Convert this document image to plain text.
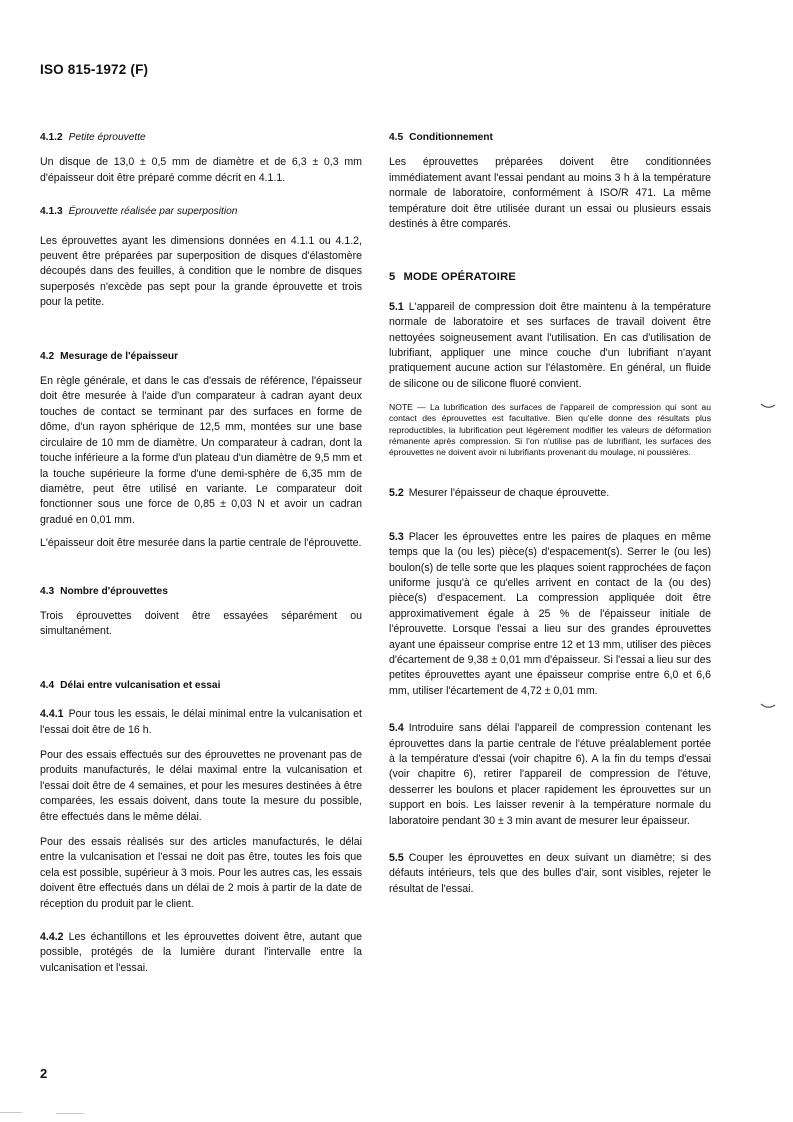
ISO 815-1972 (F)
4.1.2 Petite éprouvette

Un disque de 13,0 ± 0,5 mm de diamètre et de 6,3 ± 0,3 mm d'épaisseur doit être préparé comme décrit en 4.1.1.

4.1.3 Éprouvette réalisée par superposition

Les éprouvettes ayant les dimensions données en 4.1.1 ou 4.1.2, peuvent être préparées par superposition de disques d'élastomère découpés dans des feuilles, à condition que le nombre de disques superposés n'excède pas sept pour la grande éprouvette et trois pour la petite.

4.2 Mesurage de l'épaisseur

En règle générale, et dans le cas d'essais de référence, l'épaisseur doit être mesurée à l'aide d'un comparateur à cadran ayant deux touches de contact se terminant par des surfaces en forme de dôme, d'un rayon sphérique de 12,5 mm, montées sur une base circulaire de 10 mm de diamètre. Un comparateur à cadran, dont la touche inférieure a la forme d'un plateau d'un diamètre de 9,5 mm et la touche supérieure la forme d'une demi-sphère de 6,35 mm de diamètre, peut être utilisé en variante. Le comparateur doit fonctionner sous une force de 0,85 ± 0,03 N et avoir un cadran gradué en 0,01 mm.

L'épaisseur doit être mesurée dans la partie centrale de l'éprouvette.

4.3 Nombre d'éprouvettes

Trois éprouvettes doivent être essayées séparément ou simultanément.

4.4 Délai entre vulcanisation et essai

4.4.1 Pour tous les essais, le délai minimal entre la vulcanisation et l'essai doit être de 16 h.

Pour des essais effectués sur des éprouvettes ne provenant pas de produits manufacturés, le délai maximal entre la vulcanisation et l'essai doit être de 4 semaines, et pour les mesures destinées à être comparées, les essais doivent, dans toute la mesure du possible, être effectués dans le même délai.

Pour des essais réalisés sur des articles manufacturés, le délai entre la vulcanisation et l'essai ne doit pas être, toutes les fois que cela est possible, supérieur à 3 mois. Pour les autres cas, les essais doivent être effectués dans un délai de 2 mois à partir de la date de réception du produit par le client.

4.4.2 Les échantillons et les éprouvettes doivent être, autant que possible, protégés de la lumière durant l'intervalle entre la vulcanisation et l'essai.

4.5 Conditionnement

Les éprouvettes préparées doivent être conditionnées immédiatement avant l'essai pendant au moins 3 h à la température normale de laboratoire, conformément à ISO/R 471. La même température doit être utilisée durant un essai ou plusieurs essais destinés à être comparés.

5 MODE OPÉRATOIRE

5.1 L'appareil de compression doit être maintenu à la température normale de laboratoire et ses surfaces de travail doivent être nettoyées soigneusement avant l'utilisation. En cas d'utilisation de lubrifiant, appliquer une mince couche d'un lubrifiant n'ayant pratiquement aucune action sur l'élastomère. En général, un fluide de silicone ou de silicone fluoré convient.

NOTE — La lubrification des surfaces de l'appareil de compression qui sont au contact des éprouvettes est facultative. Bien qu'elle donne des résultats plus reproductibles, la lubrification peut légèrement modifier les valeurs de déformation rémanente après compression. Si l'on n'utilise pas de lubrifiant, les surfaces des éprouvettes ne doivent avoir ni lubrifiants provenant du moulage, ni poussières.

5.2 Mesurer l'épaisseur de chaque éprouvette.

5.3 Placer les éprouvettes entre les paires de plaques en même temps que la (ou les) pièce(s) d'espacement(s). Serrer le (ou les) boulon(s) de telle sorte que les plaques soient rapprochées de façon uniforme jusqu'à ce qu'elles arrivent en contact de la (ou des) pièce(s) d'espacement. La compression appliquée doit être approximativement égale à 25 % de l'épaisseur initiale de l'éprouvette. Lorsque l'essai a lieu sur des grandes éprouvettes ayant une épaisseur comprise entre 12 et 13 mm, utiliser des pièces d'écartement de 9,38 ± 0,01 mm d'épaisseur. Si l'essai a lieu sur des petites éprouvettes ayant une épaisseur comprise entre 6,0 et 6,6 mm, utiliser l'écartement de 4,72 ± 0,01 mm.

5.4 Introduire sans délai l'appareil de compression contenant les éprouvettes dans la partie centrale de l'étuve préalablement portée à la température d'essai (voir chapitre 6). A la fin du temps d'essai (voir chapitre 6), retirer l'appareil de compression de l'étuve, desserrer les boulons et placer rapidement les éprouvettes sur un support en bois. Les laisser revenir à la température normale du laboratoire pendant 30 ± 3 min avant de mesurer leur épaisseur.

5.5 Couper les éprouvettes en deux suivant un diamètre; si des défauts intérieurs, tels que des bulles d'air, sont visibles, rejeter le résultat de l'essai.

2
